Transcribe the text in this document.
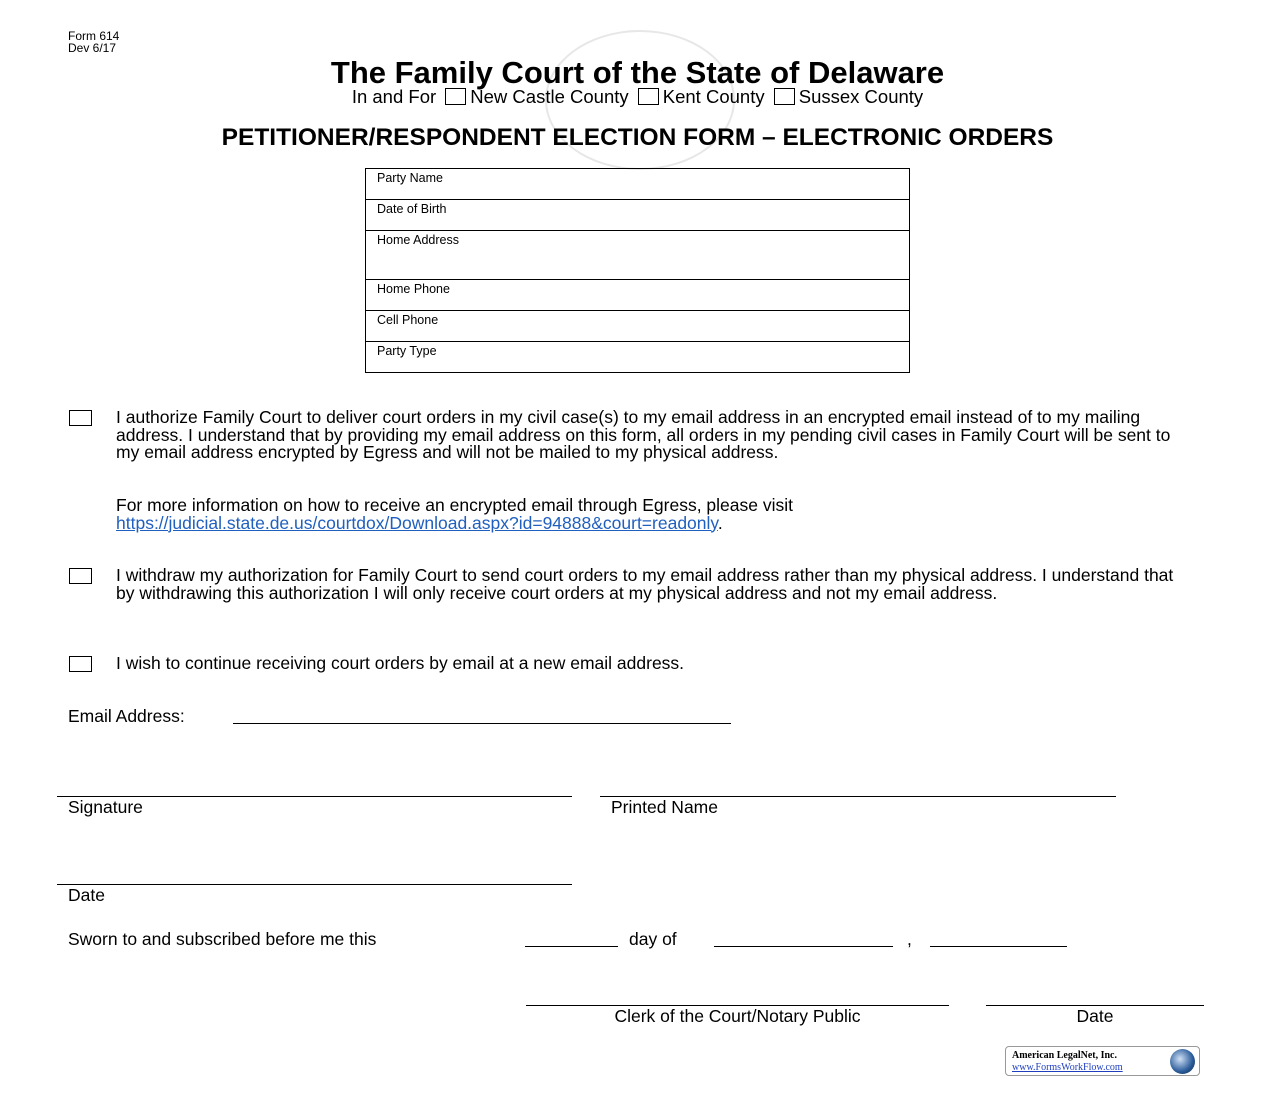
Form 614
Dev 6/17
The Family Court of the State of Delaware
In and For New Castle County Kent County Sussex County
PETITIONER/RESPONDENT ELECTION FORM – ELECTRONIC ORDERS
Party Name
Date of Birth
Home Address
Home Phone
Cell Phone
Party Type
I authorize Family Court to deliver court orders in my civil case(s) to my email address in an encrypted email instead of to my mailing address. I understand that by providing my email address on this form, all orders in my pending civil cases in Family Court will be sent to my email address encrypted by Egress and will not be mailed to my physical address.
For more information on how to receive an encrypted email through Egress, please visit
https://judicial.state.de.us/courtdox/Download.aspx?id=94888&court=readonly.
I withdraw my authorization for Family Court to send court orders to my email address rather than my physical address. I understand that by withdrawing this authorization I will only receive court orders at my physical address and not my email address.
I wish to continue receiving court orders by email at a new email address.
Email Address:
Signature	Printed Name
Date
Sworn to and subscribed before me this	day of	,
Clerk of the Court/Notary Public	Date
American LegalNet, Inc.
www.FormsWorkFlow.com
